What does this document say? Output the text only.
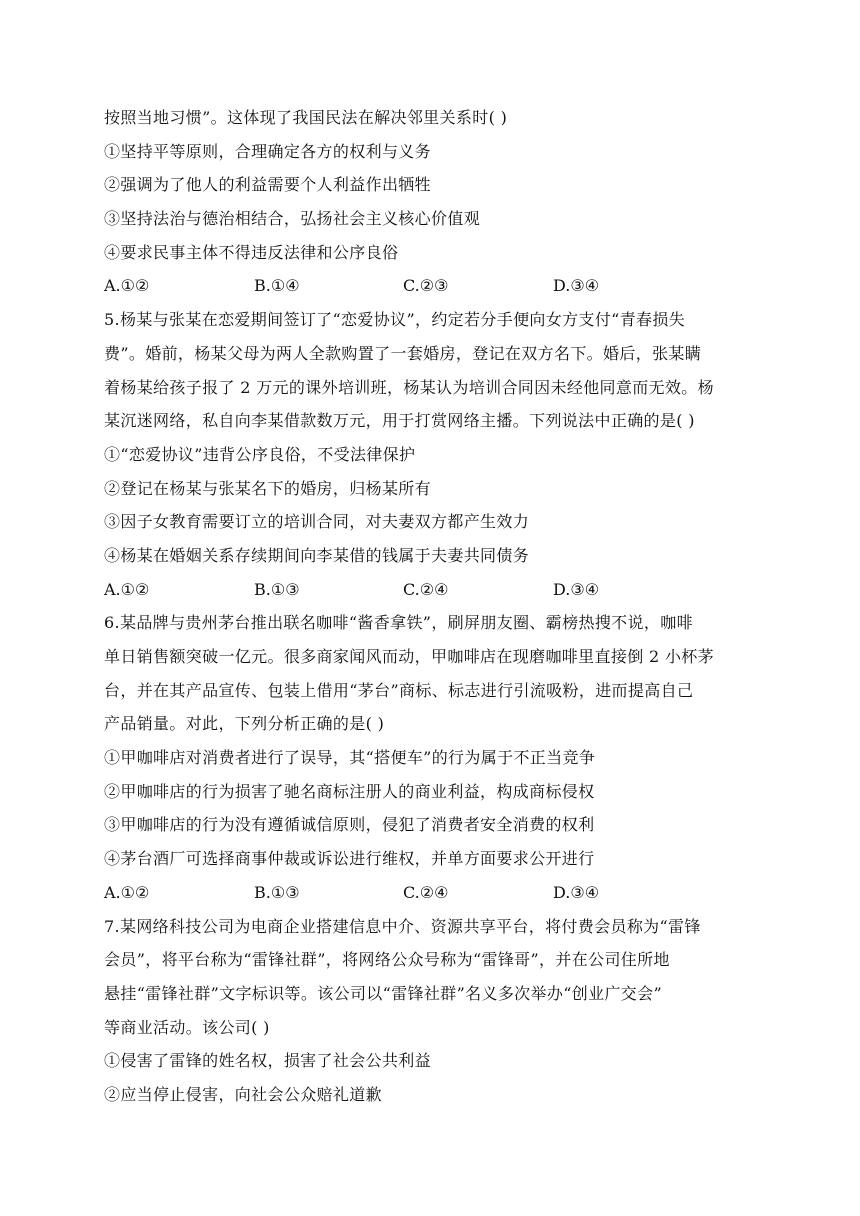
按照当地习惯”。这体现了我国民法在解决邻里关系时( )
①坚持平等原则，合理确定各方的权利与义务
②强调为了他人的利益需要个人利益作出牺牲
③坚持法治与德治相结合，弘扬社会主义核心价值观
④要求民事主体不得违反法律和公序良俗
A.①②	B.①④	C.②③	D.③④
5.杨某与张某在恋爱期间签订了“恋爱协议”，约定若分手便向女方支付“青春损失
费”。婚前，杨某父母为两人全款购置了一套婚房，登记在双方名下。婚后，张某瞒
着杨某给孩子报了 2 万元的课外培训班，杨某认为培训合同因未经他同意而无效。杨
某沉迷网络，私自向李某借款数万元，用于打赏网络主播。下列说法中正确的是( )
①“恋爱协议”违背公序良俗，不受法律保护
②登记在杨某与张某名下的婚房，归杨某所有
③因子女教育需要订立的培训合同，对夫妻双方都产生效力
④杨某在婚姻关系存续期间向李某借的钱属于夫妻共同债务
A.①②	B.①③	C.②④	D.③④
6.某品牌与贵州茅台推出联名咖啡“酱香拿铁”，刷屏朋友圈、霸榜热搜不说，咖啡
单日销售额突破一亿元。很多商家闻风而动，甲咖啡店在现磨咖啡里直接倒 2 小杯茅
台，并在其产品宣传、包装上借用“茅台”商标、标志进行引流吸粉，进而提高自己
产品销量。对此，下列分析正确的是( )
①甲咖啡店对消费者进行了误导，其“搭便车”的行为属于不正当竞争
②甲咖啡店的行为损害了驰名商标注册人的商业利益，构成商标侵权
③甲咖啡店的行为没有遵循诚信原则，侵犯了消费者安全消费的权利
④茅台酒厂可选择商事仲裁或诉讼进行维权，并单方面要求公开进行
A.①②	B.①③	C.②④	D.③④
7.某网络科技公司为电商企业搭建信息中介、资源共享平台，将付费会员称为“雷锋
会员”，将平台称为“雷锋社群”，将网络公众号称为“雷锋哥”，并在公司住所地
悬挂“雷锋社群”文字标识等。该公司以“雷锋社群”名义多次举办“创业广交会”
等商业活动。该公司( )
①侵害了雷锋的姓名权，损害了社会公共利益
②应当停止侵害，向社会公众赔礼道歉
